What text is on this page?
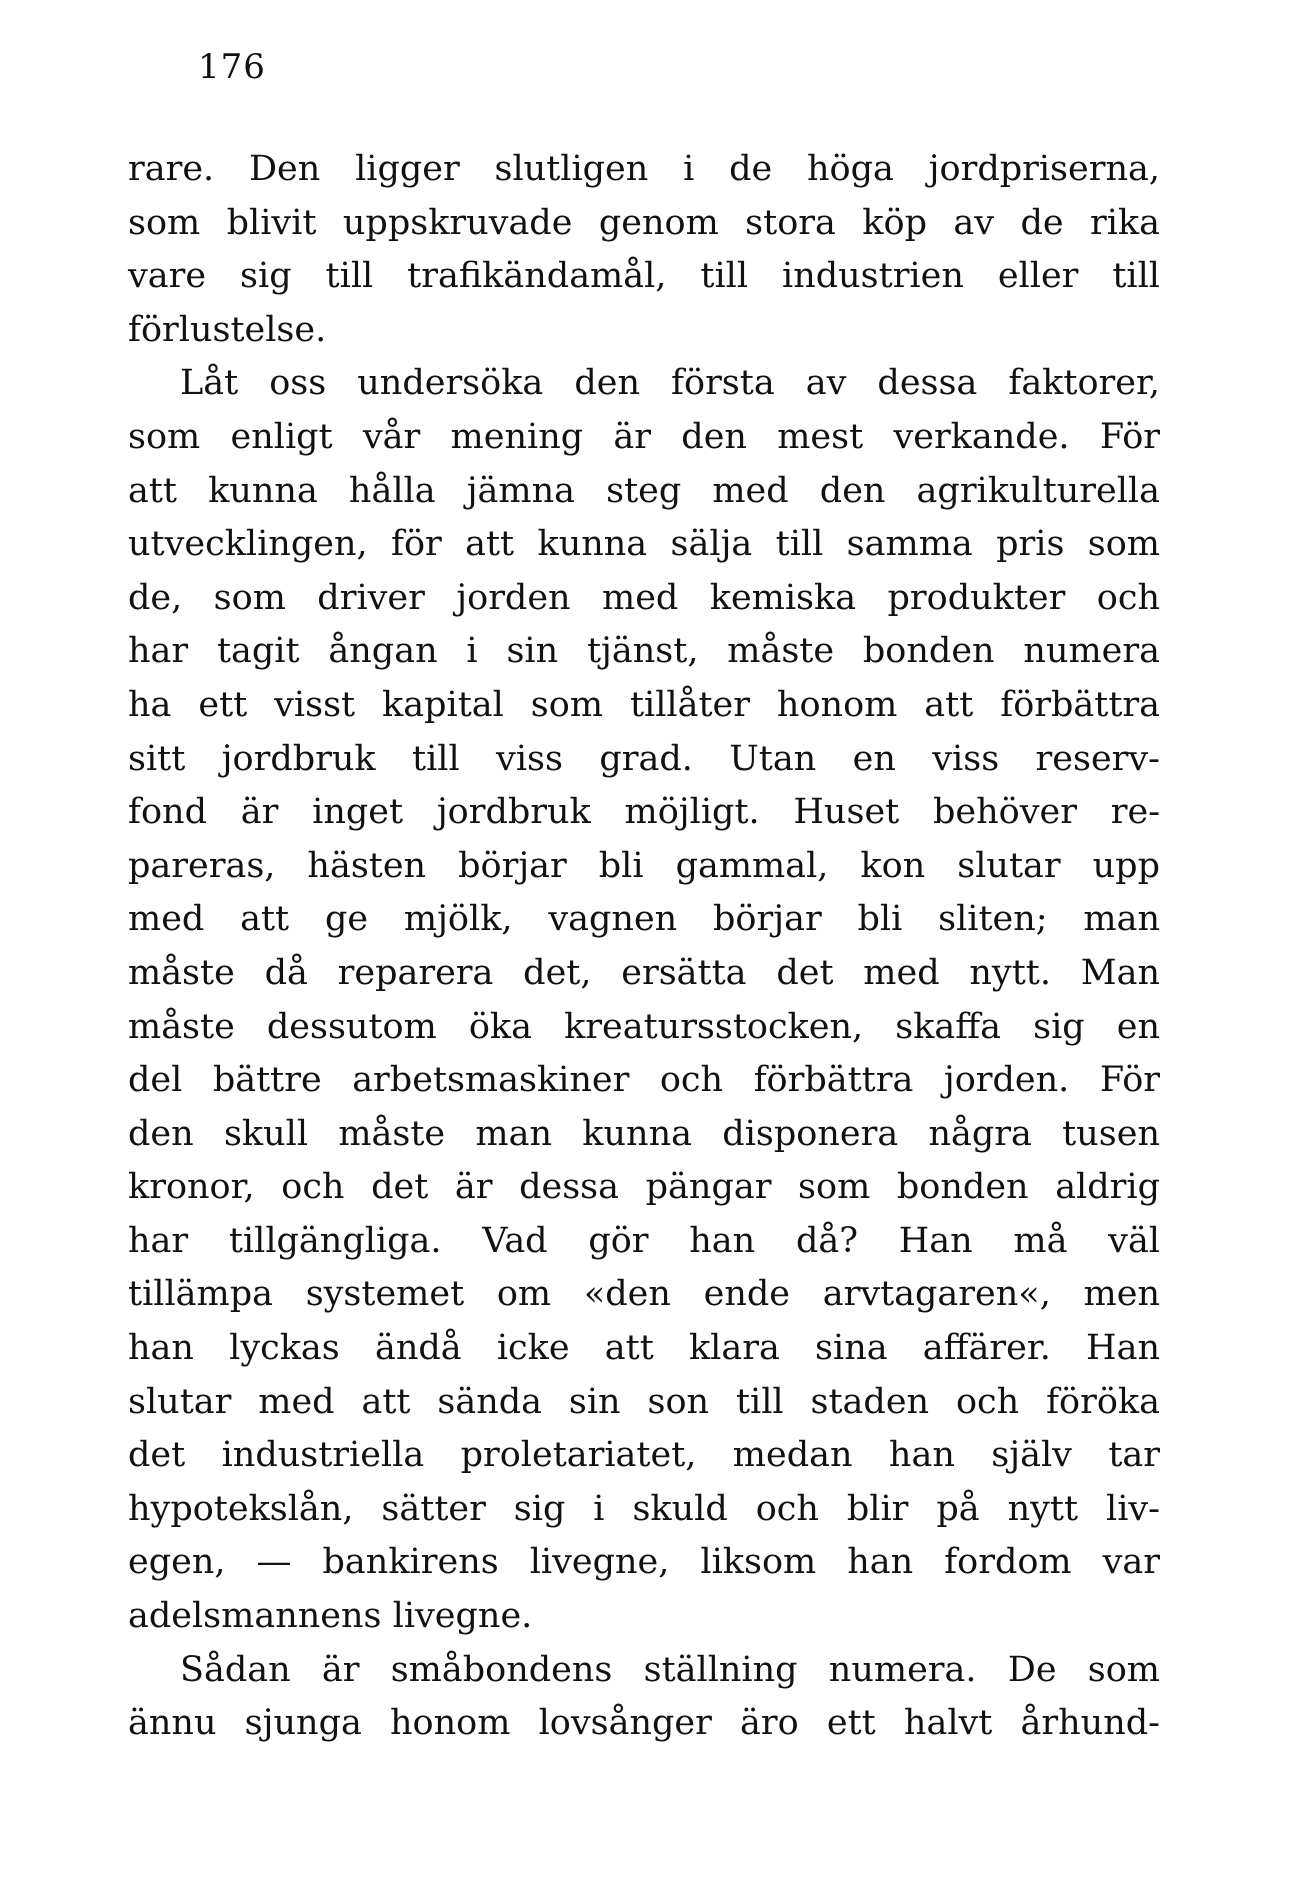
176
rare. Den ligger slutligen i de höga jordpriserna,
som blivit uppskruvade genom stora köp av de rika
vare sig till trafikändamål, till industrien eller till
förlustelse.
Låt oss undersöka den första av dessa faktorer,
som enligt vår mening är den mest verkande. För
att kunna hålla jämna steg med den agrikulturella
utvecklingen, för att kunna sälja till samma pris som
de, som driver jorden med kemiska produkter och
har tagit ångan i sin tjänst, måste bonden numera
ha ett visst kapital som tillåter honom att förbättra
sitt jordbruk till viss grad. Utan en viss reserv-
fond är inget jordbruk möjligt. Huset behöver re-
pareras, hästen börjar bli gammal, kon slutar upp
med att ge mjölk, vagnen börjar bli sliten; man
måste då reparera det, ersätta det med nytt. Man
måste dessutom öka kreatursstocken, skaffa sig en
del bättre arbetsmaskiner och förbättra jorden. För
den skull måste man kunna disponera några tusen
kronor, och det är dessa pängar som bonden aldrig
har tillgängliga. Vad gör han då? Han må väl
tillämpa systemet om «den ende arvtagaren«, men
han lyckas ändå icke att klara sina affärer. Han
slutar med att sända sin son till staden och föröka
det industriella proletariatet, medan han själv tar
hypotekslån, sätter sig i skuld och blir på nytt liv-
egen, — bankirens livegne, liksom han fordom var
adelsmannens livegne.
Sådan är småbondens ställning numera. De som
ännu sjunga honom lovsånger äro ett halvt århund-
